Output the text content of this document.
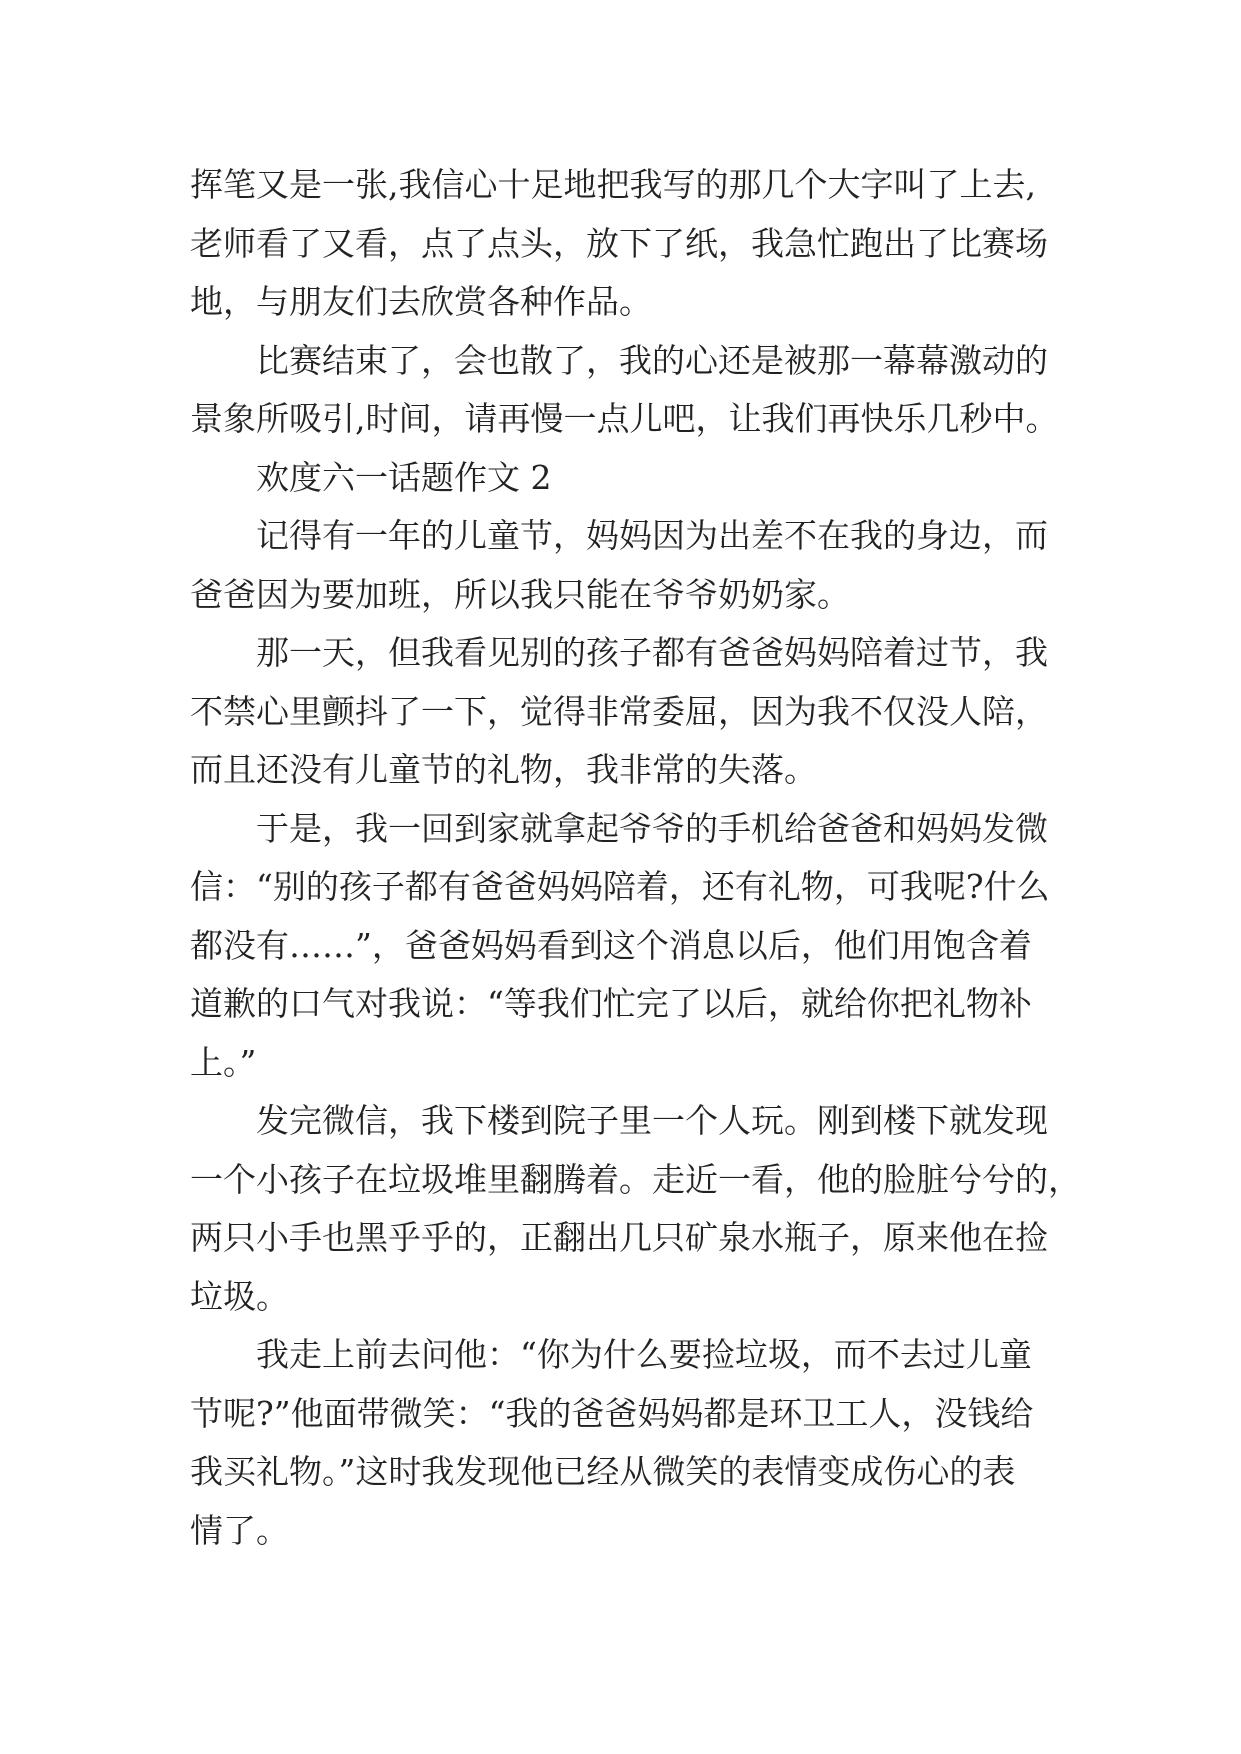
挥笔又是一张,我信心十足地把我写的那几个大字叫了上去,
老师看了又看，点了点头，放下了纸，我急忙跑出了比赛场
地，与朋友们去欣赏各种作品。
比赛结束了，会也散了，我的心还是被那一幕幕激动的
景象所吸引,时间，请再慢一点儿吧，让我们再快乐几秒中。
欢度六一话题作文 2
记得有一年的儿童节，妈妈因为出差不在我的身边，而
爸爸因为要加班，所以我只能在爷爷奶奶家。
那一天，但我看见别的孩子都有爸爸妈妈陪着过节，我
不禁心里颤抖了一下，觉得非常委屈，因为我不仅没人陪，
而且还没有儿童节的礼物，我非常的失落。
于是，我一回到家就拿起爷爷的手机给爸爸和妈妈发微
信：“别的孩子都有爸爸妈妈陪着，还有礼物，可我呢?什么
都没有……”，爸爸妈妈看到这个消息以后，他们用饱含着
道歉的口气对我说：“等我们忙完了以后，就给你把礼物补
上。”
发完微信，我下楼到院子里一个人玩。刚到楼下就发现
一个小孩子在垃圾堆里翻腾着。走近一看，他的脸脏兮兮的，
两只小手也黑乎乎的，正翻出几只矿泉水瓶子，原来他在捡
垃圾。
我走上前去问他：“你为什么要捡垃圾，而不去过儿童
节呢?”他面带微笑：“我的爸爸妈妈都是环卫工人，没钱给
我买礼物。”这时我发现他已经从微笑的表情变成伤心的表
情了。
